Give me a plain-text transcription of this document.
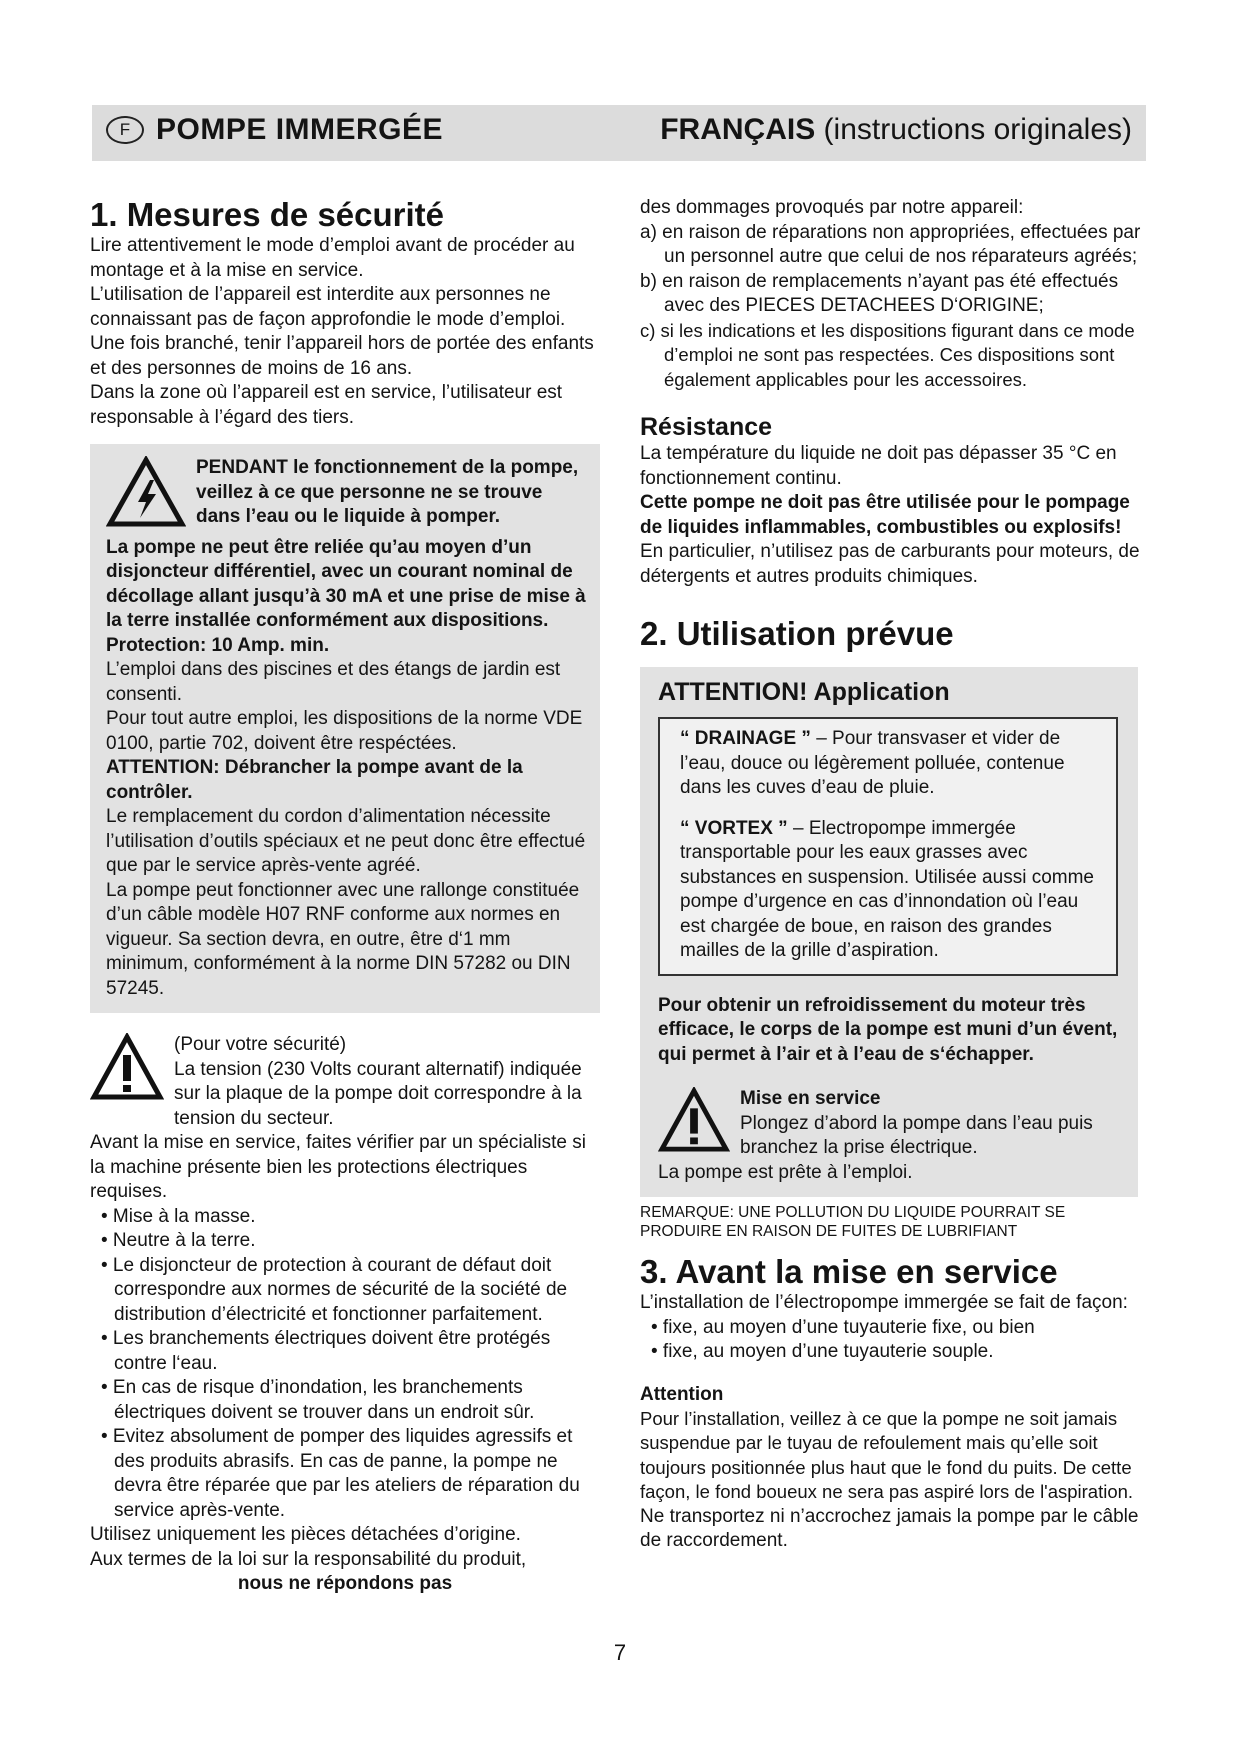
F POMPE IMMERGÉE	FRANÇAIS (instructions originales)
1. Mesures de sécurité

Lire attentivement le mode d’emploi avant de procéder au montage et à la mise en service.

L’utilisation de l’appareil est interdite aux personnes ne connaissant pas de façon approfondie le mode d’emploi.

Une fois branché, tenir l’appareil hors de portée des enfants et des personnes de moins de 16 ans.

Dans la zone où l’appareil est en service, l’utilisateur est responsable à l’égard des tiers.

PENDANT le fonctionnement de la pompe, veillez à ce que personne ne se trouve dans l’eau ou le liquide à pomper.

La pompe ne peut être reliée qu’au moyen d’un disjoncteur différentiel, avec un courant nominal de décollage allant jusqu’à 30 mA et une prise de mise à la terre installée conformément aux dispositions.

Protection: 10 Amp. min.

L’emploi dans des piscines et des étangs de jardin est consenti.

Pour tout autre emploi, les dispositions de la norme VDE 0100, partie 702, doivent être respéctées.

ATTENTION: Débrancher la pompe avant de la contrôler.

Le remplacement du cordon d’alimentation nécessite l’utilisation d’outils spéciaux et ne peut donc être effectué que par le service après-vente agréé.

La pompe peut fonctionner avec une rallonge constituée d’un câble modèle H07 RNF conforme aux normes en vigueur. Sa section devra, en outre, être d‘1 mm minimum, conformément à la norme DIN 57282 ou DIN 57245.

(Pour votre sécurité)

La tension (230 Volts courant alternatif) indiquée sur la plaque de la pompe doit correspondre à la tension du secteur.

Avant la mise en service, faites vérifier par un spécialiste si la machine présente bien les protections électriques requises.

• Mise à la masse.

• Neutre à la terre.

• Le disjoncteur de protection à courant de défaut doit correspondre aux normes de sécurité de la société de distribution d’électricité et fonctionner parfaitement.

• Les branchements électriques doivent être protégés contre l‘eau.

• En cas de risque d’inondation, les branchements électriques doivent se trouver dans un endroit sûr.

• Evitez absolument de pomper des liquides agressifs et des produits abrasifs. En cas de panne, la pompe ne devra être réparée que par les ateliers de réparation du service après-vente.

Utilisez uniquement les pièces détachées d’origine.

Aux termes de la loi sur la responsabilité du produit,

nous ne répondons pas

des dommages provoqués par notre appareil:

a) en raison de réparations non appropriées, effectuées par un personnel autre que celui de nos réparateurs agréés;

b) en raison de remplacements n’ayant pas été effectués avec des PIECES DETACHEES D‘ORIGINE;

c) si les indications et les dispositions figurant dans ce mode d’emploi ne sont pas respectées. Ces dispositions sont également applicables pour les accessoires.

Résistance

La température du liquide ne doit pas dépasser 35 °C en fonctionnement continu.

Cette pompe ne doit pas être utilisée pour le pompage de liquides inflammables, combustibles ou explosifs!

En particulier, n’utilisez pas de carburants pour moteurs, de détergents et autres produits chimiques.

2. Utilisation prévue
ATTENTION! Application

“ DRAINAGE ” – Pour transvaser et vider de l’eau, douce ou légèrement polluée, contenue dans les cuves d’eau de pluie.

“ VORTEX ” – Electropompe immergée transportable pour les eaux grasses avec substances en suspension. Utilisée aussi comme pompe d’urgence en cas d’innondation où l’eau est chargée de boue, en raison des grandes mailles de la grille d’aspiration.

Pour obtenir un refroidissement du moteur très efficace, le corps de la pompe est muni d’un évent, qui permet à l’air et à l’eau de s‘échapper.

Mise en service

Plongez d’abord la pompe dans l’eau puis branchez la prise électrique.

La pompe est prête à l’emploi.

REMARQUE: UNE POLLUTION DU LIQUIDE POURRAIT SE PRODUIRE EN RAISON DE FUITES DE LUBRIFIANT

3. Avant la mise en service

L’installation de l’électropompe immergée se fait de façon:

• fixe, au moyen d’une tuyauterie fixe, ou bien

• fixe, au moyen d’une tuyauterie souple.

Attention

Pour l’installation, veillez à ce que la pompe ne soit jamais suspendue par le tuyau de refoulement mais qu’elle soit toujours positionnée plus haut que le fond du puits. De cette façon, le fond boueux ne sera pas aspiré lors de l'aspiration.

Ne transportez ni n’accrochez jamais la pompe par le câble de raccordement.

7
